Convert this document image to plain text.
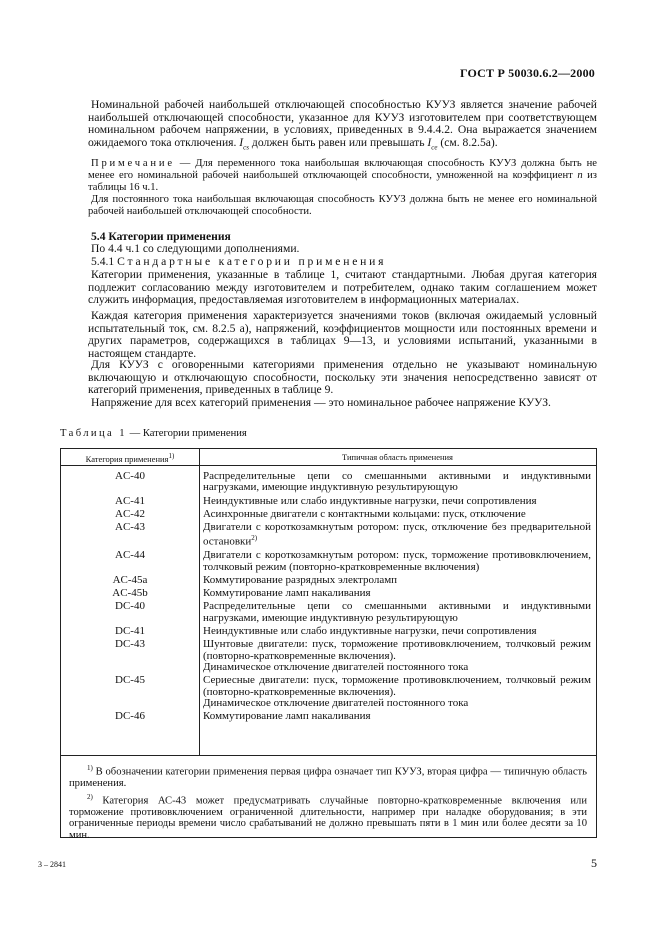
ГОСТ Р 50030.6.2—2000
Номинальной рабочей наибольшей отключающей способностью КУУЗ является значение рабочей наибольшей отключающей способности, указанное для КУУЗ изготовителем при соответствующем номинальном рабочем напряжении, в условиях, приведенных в 9.4.4.2. Она выражается значением ожидаемого тока отключения. $I_{cs}$ должен быть равен или превышать $I_{ce}$ (см. 8.2.5а).
Примечание — Для переменного тока наибольшая включающая способность КУУЗ должна быть не менее его номинальной рабочей наибольшей отключающей способности, умноженной на коэффициент n из таблицы 16 ч.1.
Для постоянного тока наибольшая включающая способность КУУЗ должна быть не менее его номинальной рабочей наибольшей отключающей способности.
5.4 Категории применения
По 4.4 ч.1 со следующими дополнениями.
5.4.1 Стандартные категории применения
Категории применения, указанные в таблице 1, считают стандартными. Любая другая категория подлежит согласованию между изготовителем и потребителем, однако таким соглашением может служить информация, предоставляемая изготовителем в информационных материалах.
Каждая категория применения характеризуется значениями токов (включая ожидаемый условный испытательный ток, см. 8.2.5 а), напряжений, коэффициентов мощности или постоянных времени и других параметров, содержащихся в таблицах 9—13, и условиями испытаний, указанными в настоящем стандарте.
Для КУУЗ с оговоренными категориями применения отдельно не указывают номинальную включающую и отключающую способности, поскольку эти значения непосредственно зависят от категорий применения, приведенных в таблице 9.
Таблица 1 — Категории применения
Категория применения$^{1)}$	Типичная область применения
AC-40	Распределительные цепи со смешанными активными и индуктивными нагрузками, имеющие индуктивную результирующую
AC-41	Неиндуктивные или слабо индуктивные нагрузки, печи сопротивления
AC-42	Асинхронные двигатели с контактными кольцами: пуск, отключение
AC-43	Двигатели с короткозамкнутым ротором: пуск, отключение без предварительной остановки$^{2)}$
AC-44	Двигатели с короткозамкнутым ротором: пуск, торможение противовключением, толчковый режим (повторно-кратковременные включения)
AC-45a	Коммутирование разрядных электроламп
AC-45b	Коммутирование ламп накаливания
DC-40	Распределительные цепи со смешанными активными и индуктивными нагрузками, имеющие индуктивную результирующую
DC-41	Неиндуктивные или слабо индуктивные нагрузки, печи сопротивления
DC-43	Шунтовые двигатели: пуск, торможение противовключением, толчковый режим (повторно-кратковременные включения).
Динамическое отключение двигателей постоянного тока
DC-45	Сериесные двигатели: пуск, торможение противовключением, толчковый режим (повторно-кратковременные включения).
Динамическое отключение двигателей постоянного тока
DC-46	Коммутирование ламп накаливания

$^{1)}$ В обозначении категории применения первая цифра означает тип КУУЗ, вторая цифра — типичную область применения.

$^{2)}$ Категория АС-43 может предусматривать случайные повторно-кратковременные включения или торможение противовключением ограниченной длительности, например при наладке оборудования; в эти ограниченные периоды времени число срабатываний не должно превышать пяти в 1 мин или более десяти за 10 мин.

3 – 2841	5
Напряжение для всех категорий применения — это номинальное рабочее напряжение КУУЗ.
